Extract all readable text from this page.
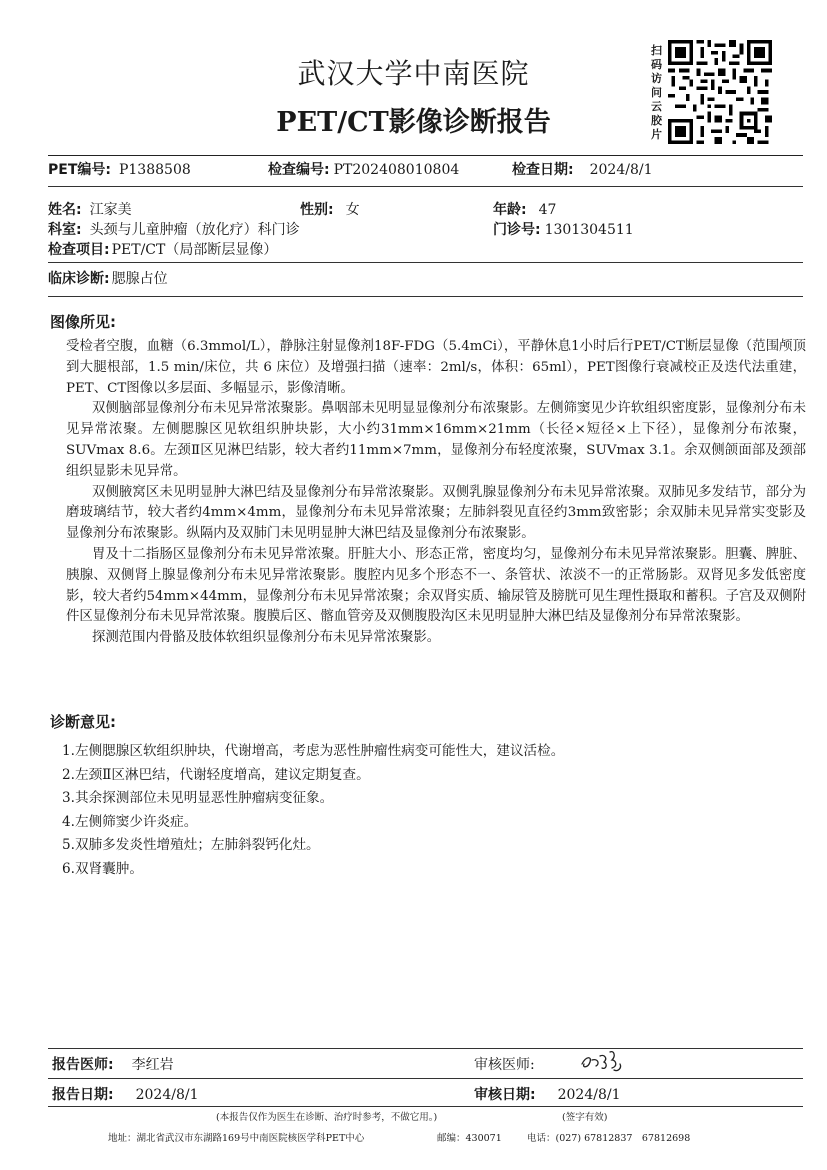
武汉大学中南医院
PET/CT影像诊断报告
扫码访问云胶片
PET编号: P1388508	检查编号: PT202408010804	检查日期: 2024/8/1
姓名: 江家美	性别: 女	年龄: 47
科室: 头颈与儿童肿瘤（放化疗）科门诊	门诊号: 1301304511
检查项目: PET/CT（局部断层显像）
临床诊断: 腮腺占位
图像所见:

受检者空腹，血糖（6.3mmol/L），静脉注射显像剂18F-FDG（5.4mCi），平静休息1小时后行PET/CT断层显像（范围颅顶到大腿根部，1.5 min/床位，共 6 床位）及增强扫描（速率：2ml/s，体积：65ml），PET图像行衰减校正及迭代法重建，PET、CT图像以多层面、多幅显示，影像清晰。

双侧脑部显像剂分布未见异常浓聚影。鼻咽部未见明显显像剂分布浓聚影。左侧筛窦见少许软组织密度影，显像剂分布未见异常浓聚。左侧腮腺区见软组织肿块影，大小约31mm×16mm×21mm（长径×短径×上下径），显像剂分布浓聚，SUVmax 8.6。左颈Ⅱ区见淋巴结影，较大者约11mm×7mm，显像剂分布轻度浓聚，SUVmax 3.1。余双侧颌面部及颈部组织显影未见异常。

双侧腋窝区未见明显肿大淋巴结及显像剂分布异常浓聚影。双侧乳腺显像剂分布未见异常浓聚。双肺见多发结节，部分为磨玻璃结节，较大者约4mm×4mm，显像剂分布未见异常浓聚；左肺斜裂见直径约3mm致密影；余双肺未见异常实变影及显像剂分布浓聚影。纵隔内及双肺门未见明显肿大淋巴结及显像剂分布浓聚影。

胃及十二指肠区显像剂分布未见异常浓聚。肝脏大小、形态正常，密度均匀，显像剂分布未见异常浓聚影。胆囊、脾脏、胰腺、双侧肾上腺显像剂分布未见异常浓聚影。腹腔内见多个形态不一、条管状、浓淡不一的正常肠影。双肾见多发低密度影，较大者约54mm×44mm，显像剂分布未见异常浓聚；余双肾实质、输尿管及膀胱可见生理性摄取和蓄积。子宫及双侧附件区显像剂分布未见异常浓聚。腹膜后区、髂血管旁及双侧腹股沟区未见明显肿大淋巴结及显像剂分布异常浓聚影。

探测范围内骨骼及肢体软组织显像剂分布未见异常浓聚影。

诊断意见:
1.左侧腮腺区软组织肿块，代谢增高，考虑为恶性肿瘤性病变可能性大，建议活检。
2.左颈Ⅱ区淋巴结，代谢轻度增高，建议定期复查。
3.其余探测部位未见明显恶性肿瘤病变征象。
4.左侧筛窦少许炎症。
5.双肺多发炎性增殖灶；左肺斜裂钙化灶。
6.双肾囊肿。
报告医师: 李红岩	审核医师:
报告日期: 2024/8/1	审核日期: 2024/8/1
(本报告仅作为医生在诊断、治疗时参考，不做它用。)	(签字有效)
地址：湖北省武汉市东湖路169号中南医院核医学科PET中心	邮编：430071	电话：(027) 67812837　67812698
